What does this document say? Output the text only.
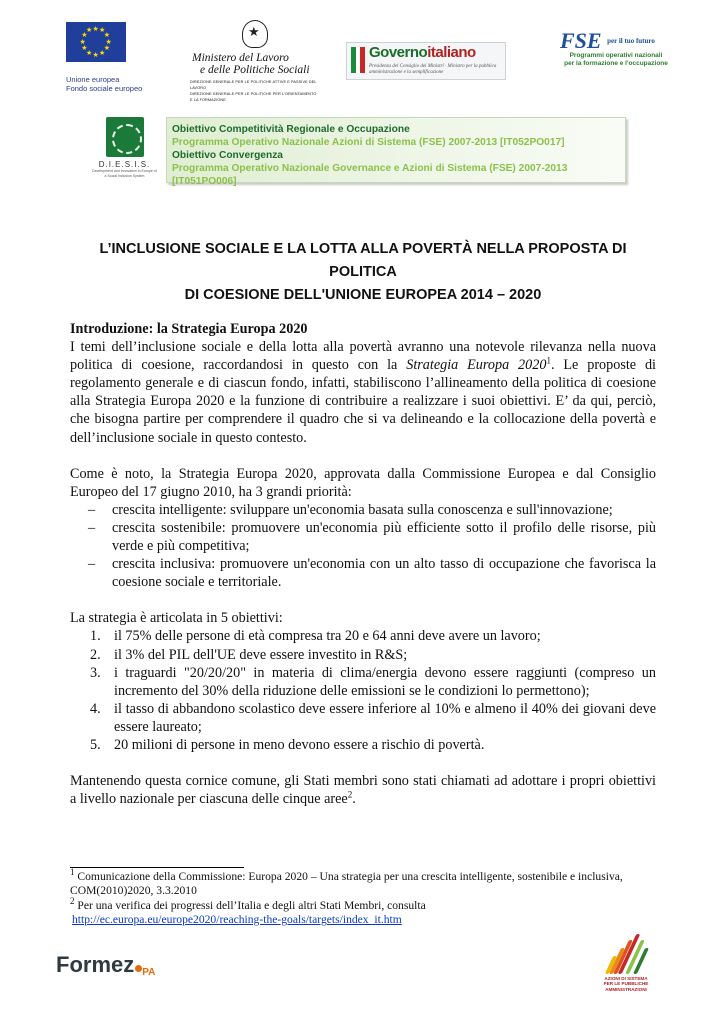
★ ★
★
★
★
★
★
★
★
★
★
★
Unione europea
Fondo sociale europeo
★
Ministero del Lavoro
e delle Politiche Sociali
DIREZIONE GENERALE PER LE POLITICHE ATTIVE E PASSIVE DEL LAVORO
DIREZIONE GENERALE PER LE POLITICHE PER L'ORIENTAMENTO E LA FORMAZIONE
Governoitaliano
Presidenza del Consiglio dei Ministri · Ministro per la pubblica amministrazione e la semplificazione
FSE $^{per il tuo futuro}$
Programmi operativi nazionali
per la formazione e l'occupazione
D.I.E.S.I.S.
Development and Innovation in Europe of a Social Inclusion System
Obiettivo Competitività Regionale e Occupazione
Programma Operativo Nazionale Azioni di Sistema (FSE) 2007-2013 [IT052PO017]
Obiettivo Convergenza
Programma Operativo Nazionale Governance e Azioni di Sistema (FSE) 2007-2013 [IT051PO006]
L’INCLUSIONE SOCIALE E LA LOTTA ALLA POVERTÀ NELLA PROPOSTA DI POLITICA
DI COESIONE DELL'UNIONE EUROPEA 2014 – 2020

Introduzione: la Strategia Europa 2020

I temi dell’inclusione sociale e della lotta alla povertà avranno una notevole rilevanza nella nuova politica di coesione, raccordandosi in questo con la Strategia Europa 2020$^1$. Le proposte di regolamento generale e di ciascun fondo, infatti, stabiliscono l’allineamento della politica di coesione alla Strategia Europa 2020 e la funzione di contribuire a realizzare i suoi obiettivi. E’ da qui, perciò, che bisogna partire per comprendere il quadro che si va delineando e la collocazione della povertà e dell’inclusione sociale in questo contesto.

Come è noto, la Strategia Europa 2020, approvata dalla Commissione Europea e dal Consiglio Europeo del 17 giugno 2010, ha 3 grandi priorità:

– crescita intelligente: sviluppare un'economia basata sulla conoscenza e sull'innovazione;
– crescita sostenibile: promuovere un'economia più efficiente sotto il profilo delle risorse, più verde e più competitiva;
– crescita inclusiva: promuovere un'economia con un alto tasso di occupazione che favorisca la coesione sociale e territoriale.

La strategia è articolata in 5 obiettivi:

1. il 75% delle persone di età compresa tra 20 e 64 anni deve avere un lavoro;
2. il 3% del PIL dell'UE deve essere investito in R&S;
3. i traguardi "20/20/20" in materia di clima/energia devono essere raggiunti (compreso un incremento del 30% della riduzione delle emissioni se le condizioni lo permettono);
4. il tasso di abbandono scolastico deve essere inferiore al 10% e almeno il 40% dei giovani deve essere laureato;
5. 20 milioni di persone in meno devono essere a rischio di povertà.

Mantenendo questa cornice comune, gli Stati membri sono stati chiamati ad adottare i propri obiettivi a livello nazionale per ciascuna delle cinque aree$^2$.

$^1$ Comunicazione della Commissione: Europa 2020 – Una strategia per una crescita intelligente, sostenibile e inclusiva, COM(2010)2020, 3.3.2010

$^2$ Per una verifica dei progressi dell’Italia e degli altri Stati Membri, consulta
http://ec.europa.eu/europe2020/reaching-the-goals/targets/index_it.htm

Formez PA
AZIONI DI SISTEMA
PER LE PUBBLICHE
AMMINISTRAZIONI
